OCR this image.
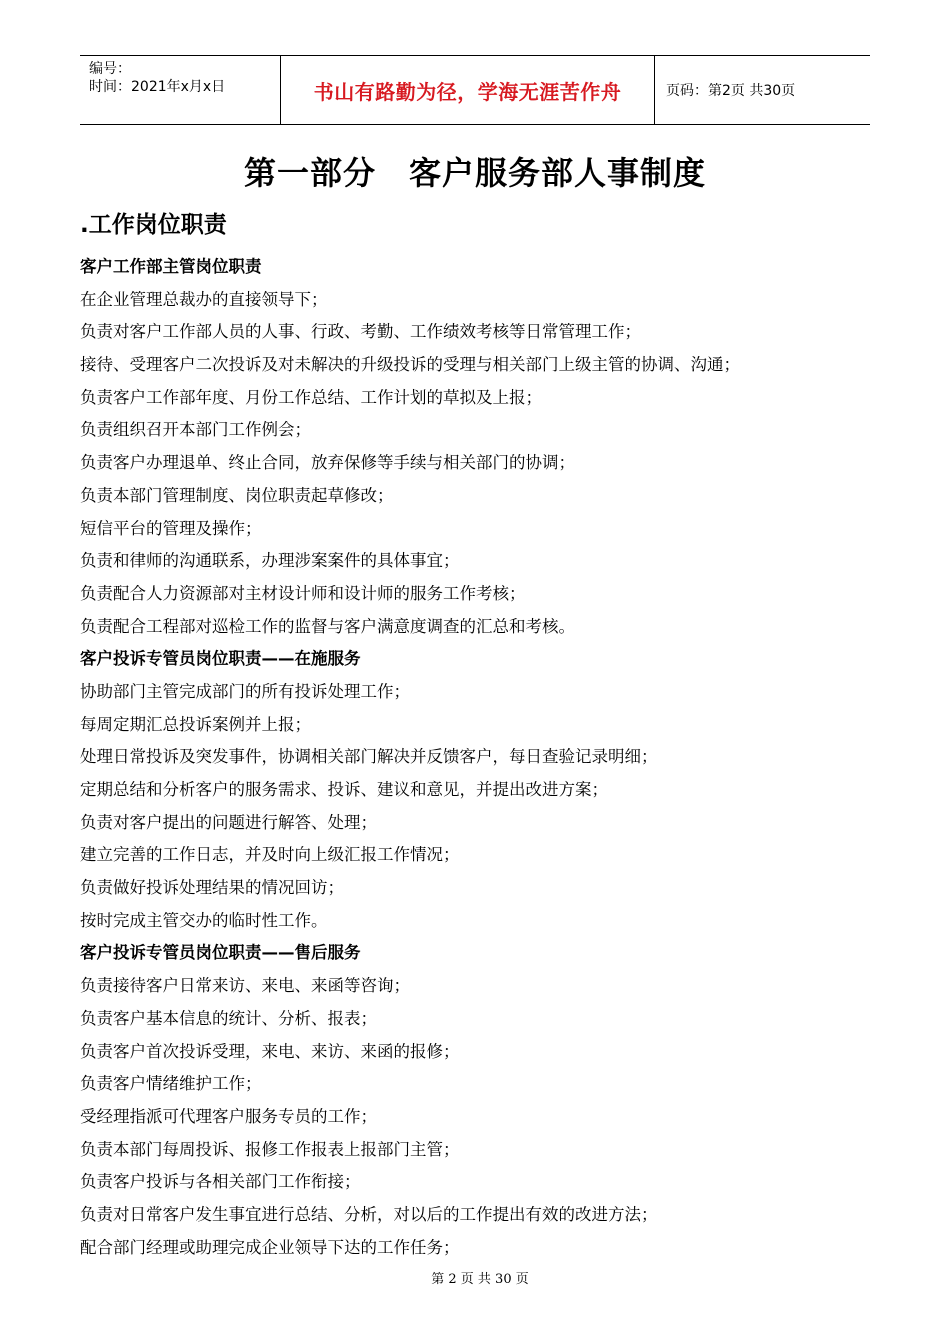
编号：
时间：2021年x月x日	书山有路勤为径，学海无涯苦作舟	页码：第2页 共30页
第一部分　客户服务部人事制度
.工作岗位职责
客户工作部主管岗位职责
在企业管理总裁办的直接领导下；
负责对客户工作部人员的人事、行政、考勤、工作绩效考核等日常管理工作；
接待、受理客户二次投诉及对未解决的升级投诉的受理与相关部门上级主管的协调、沟通；
负责客户工作部年度、月份工作总结、工作计划的草拟及上报；
负责组织召开本部门工作例会；
负责客户办理退单、终止合同，放弃保修等手续与相关部门的协调；
负责本部门管理制度、岗位职责起草修改；
短信平台的管理及操作；
负责和律师的沟通联系，办理涉案案件的具体事宜；
负责配合人力资源部对主材设计师和设计师的服务工作考核；
负责配合工程部对巡检工作的监督与客户满意度调查的汇总和考核。
客户投诉专管员岗位职责——在施服务
协助部门主管完成部门的所有投诉处理工作；
每周定期汇总投诉案例并上报；
处理日常投诉及突发事件，协调相关部门解决并反馈客户，每日查验记录明细；
定期总结和分析客户的服务需求、投诉、建议和意见，并提出改进方案；
负责对客户提出的问题进行解答、处理；
建立完善的工作日志，并及时向上级汇报工作情况；
负责做好投诉处理结果的情况回访；
按时完成主管交办的临时性工作。
客户投诉专管员岗位职责——售后服务
负责接待客户日常来访、来电、来函等咨询；
负责客户基本信息的统计、分析、报表；
负责客户首次投诉受理，来电、来访、来函的报修；
负责客户情绪维护工作；
受经理指派可代理客户服务专员的工作；
负责本部门每周投诉、报修工作报表上报部门主管；
负责客户投诉与各相关部门工作衔接；
负责对日常客户发生事宜进行总结、分析，对以后的工作提出有效的改进方法；
配合部门经理或助理完成企业领导下达的工作任务；
第 2 页 共 30 页
